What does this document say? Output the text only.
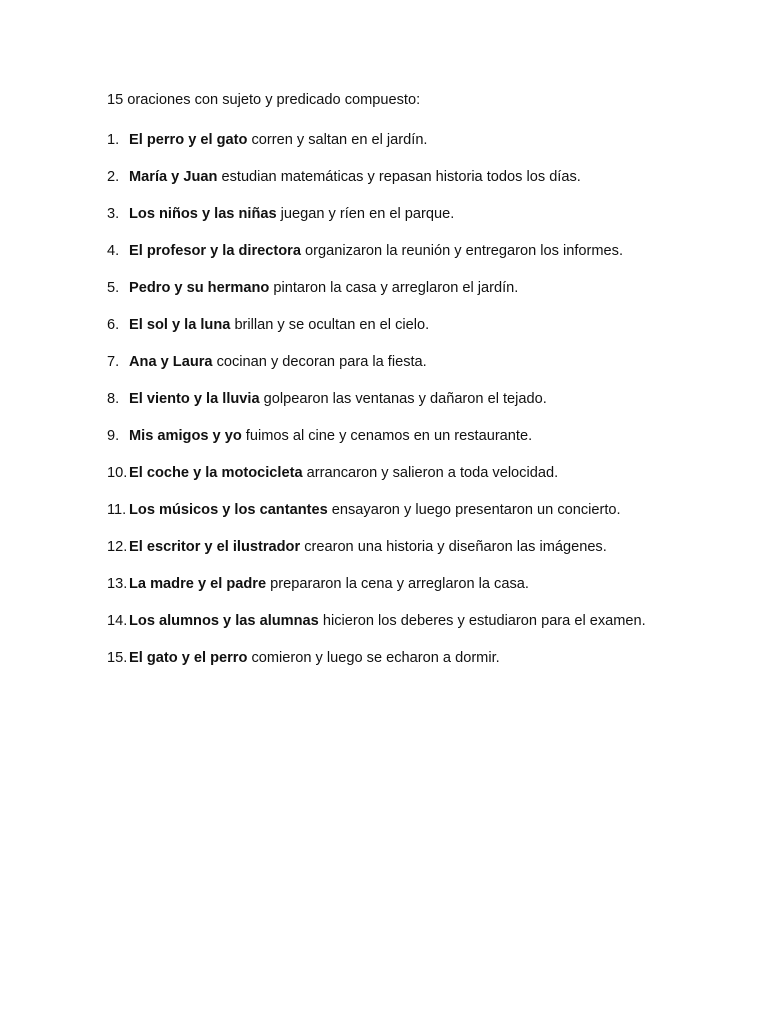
15 oraciones con sujeto y predicado compuesto:

1. El perro y el gato corren y saltan en el jardín.
2. María y Juan estudian matemáticas y repasan historia todos los días.
3. Los niños y las niñas juegan y ríen en el parque.
4. El profesor y la directora organizaron la reunión y entregaron los informes.
5. Pedro y su hermano pintaron la casa y arreglaron el jardín.
6. El sol y la luna brillan y se ocultan en el cielo.
7. Ana y Laura cocinan y decoran para la fiesta.
8. El viento y la lluvia golpearon las ventanas y dañaron el tejado.
9. Mis amigos y yo fuimos al cine y cenamos en un restaurante.
10. El coche y la motocicleta arrancaron y salieron a toda velocidad.
11. Los músicos y los cantantes ensayaron y luego presentaron un concierto.
12. El escritor y el ilustrador crearon una historia y diseñaron las imágenes.
13. La madre y el padre prepararon la cena y arreglaron la casa.
14. Los alumnos y las alumnas hicieron los deberes y estudiaron para el examen.
15. El gato y el perro comieron y luego se echaron a dormir.
